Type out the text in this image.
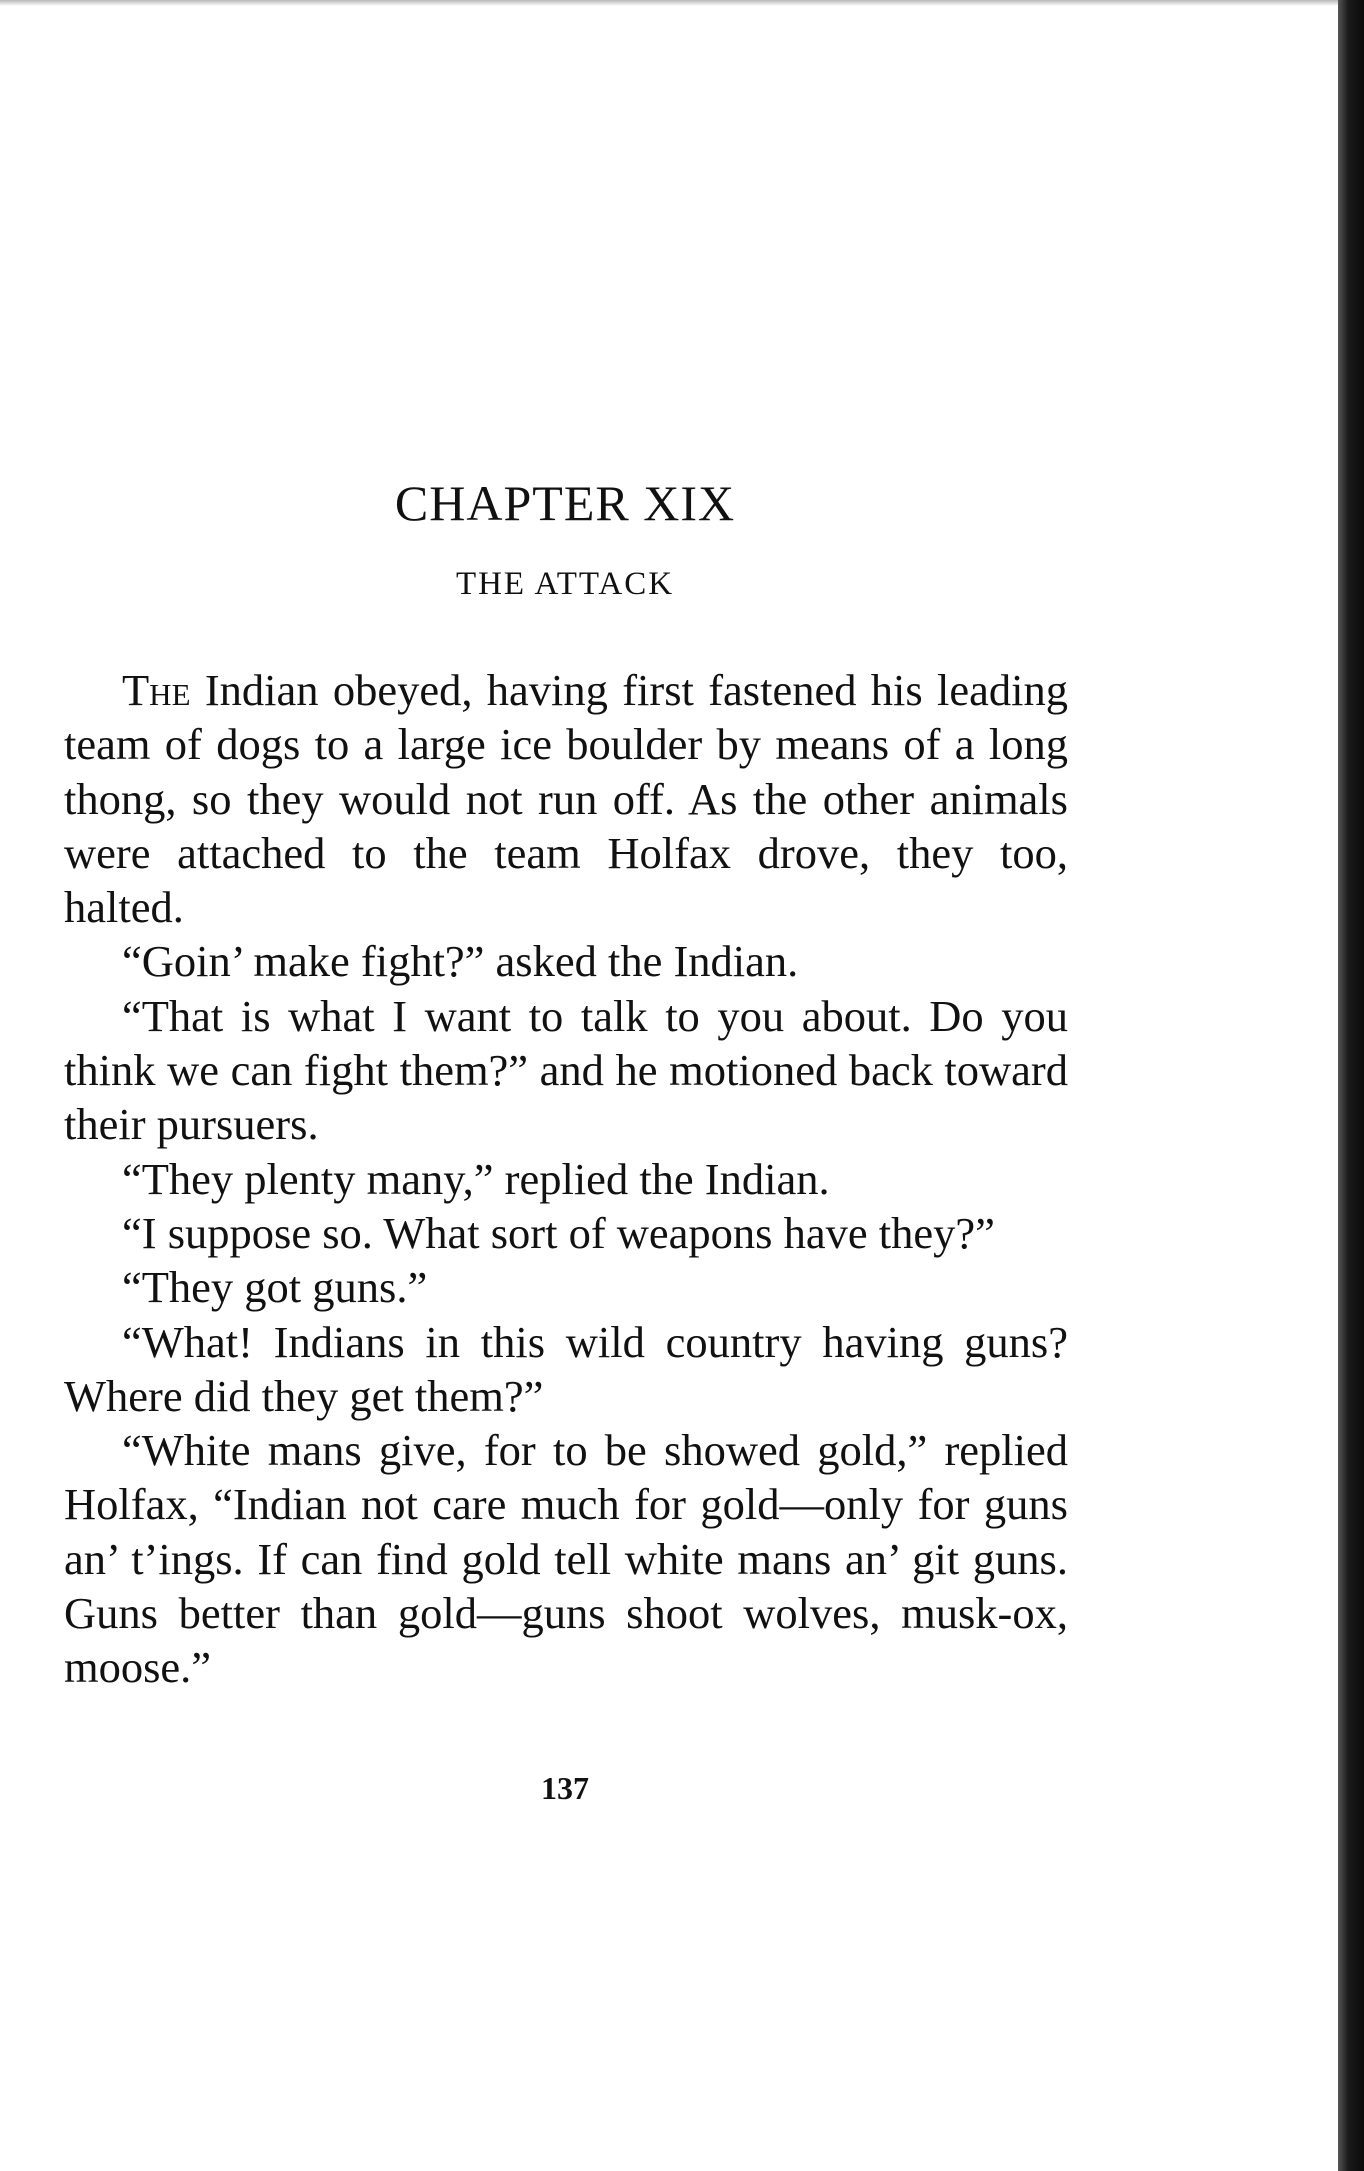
CHAPTER XIX
THE ATTACK

The Indian obeyed, having first fastened his leading team of dogs to a large ice boulder by means of a long thong, so they would not run off. As the other animals were attached to the team Holfax drove, they too, halted.

“Goin’ make fight?” asked the Indian.

“That is what I want to talk to you about. Do you think we can fight them?” and he motioned back toward their pursuers.

“They plenty many,” replied the Indian.

“I suppose so. What sort of weapons have they?”

“They got guns.”

“What! Indians in this wild country having guns? Where did they get them?”

“White mans give, for to be showed gold,” replied Holfax, “Indian not care much for gold—only for guns an’ t’ings. If can find gold tell white mans an’ git guns. Guns better than gold—guns shoot wolves, musk-ox, moose.”

137
